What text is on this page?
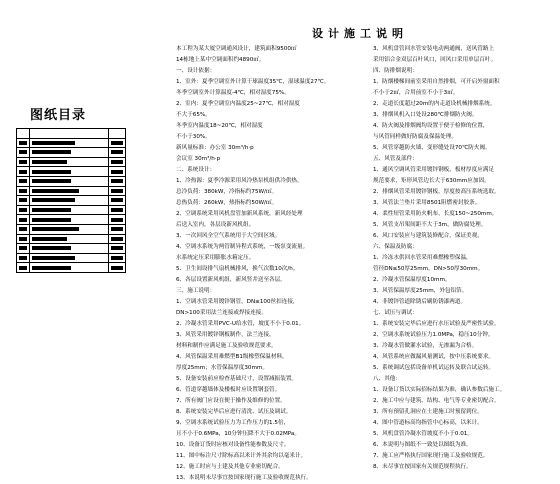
设计施工说明
图纸目录

本工程为某大厦空调通风设计，建筑面积9500㎡
14栋地上某中空调面积约4890㎡。
一、设计依据：
1、室外：夏季空调室外计算干球温度35℃，湿球温度27℃。
冬季空调室外计算温度-4℃，相对湿度75%。
2、室内：夏季空调室内温度25~27℃，相对湿度
不大于65%。
冬季室内温度18~20℃，相对湿度
不小于30%。
新风量标准：办公室 30m³/h·p
会议室 30m³/h·p
二、系统设计：
1、冷热源：夏季冷源采用风冷热泵机组供冷供热。
总冷负荷：380kW，冷指标约75W/㎡。
总热负荷：260kW，热指标约50W/㎡。
2、空调系统采用风机盘管加新风系统，新风经处理
后送入室内，各层设新风机组。
3、一次回风全空气系统用于大空间区域。
4、空调水系统为两管制异程式系统，一级泵变流量。
水系统定压采用膨胀水箱定压。
5、卫生间设排气扇机械排风，换气次数10次/h。
6、各层设置新风机组，新风竖井送至各层。
三、施工说明：
1、空调水管采用镀锌钢管，DN≤100丝扣连接，
DN>100采用法兰连接或焊接连接。
2、冷凝水管采用PVC-U给水管，坡度不小于0.01。
3、风管采用镀锌钢板制作，法兰连接，
材料和制作应满足施工及验收规范要求。
4、风管保温采用难燃型B1级橡塑保温材料，
厚度25mm；水管保温厚度30mm。
5、设备安装前应检查基础尺寸，设置减振装置。
6、管道穿越墙体及楼板时应设置钢套管。
7、所有阀门应设在便于操作及维修的位置。
8、系统安装完毕后应进行清洗、试压及调试。
9、空调水系统试验压力为工作压力的1.5倍，
且不小于0.6MPa，10分钟压降不大于0.02MPa。
10、设备订货时应核对设备性能参数及尺寸。
11、图中标注尺寸除标高以米计外其余均以毫米计。
12、施工时应与土建及其他专业密切配合。
13、本说明未尽事宜按国家现行施工及验收规范执行。
3、风机盘管回水管安装电动两通阀，送风管路上
采用铝合金双层百叶风口，回风口采用单层百叶。
四、防排烟说明：
1、防烟楼梯间前室采用自然排烟，可开启外窗面积
不小于2㎡，合用前室不小于3㎡。
2、走道长度超过20m的内走道设机械排烟系统。
3、排烟风机入口处设280℃排烟防火阀。
4、防火阀及排烟阀均设置于便于检修的位置，
与风管同样做好防腐及保温处理。
5、风管穿越防火墙、变形缝处设70℃防火阀。
五、风管及部件：
1、通风空调风管采用镀锌钢板，板材厚度应满足
规范要求，矩形风管边长大于630mm应加固。
2、排烟风管采用镀锌钢板，厚度按高压系统选取。
3、风管法兰垫片采用8501阻燃密封胶条。
4、柔性短管采用防火帆布，长度150~250mm。
5、风管支吊架间距不大于3m，做防腐处理。
6、风口安装应与建筑装修配合，保证美观。
六、保温及防腐：
1、冷冻水供回水管采用难燃橡塑保温，
管径DN≤50厚25mm，DN>50厚30mm。
2、冷凝水管保温厚度10mm。
3、风管保温厚度25mm，外包铝箔。
4、非镀锌管道除锈后刷防锈漆两道。
七、试压与调试：
1、系统安装完毕后应进行水压试验及严密性试验。
2、空调水系统试验压力1.0MPa，稳压10分钟。
3、冷凝水管做灌水试验，无渗漏为合格。
4、风管系统应做漏风量测试，按中压系统要求。
5、系统调试包括设备单机试运转及联合试运转。
八、其他：
1、设备订货以实际招标结果为准，确认参数后施工。
2、施工中应与建筑、结构、电气等专业密切配合。
3、所有预留孔洞应在土建施工时预留到位。
4、图中管道标高均指管中心标高，以米计。
5、风机盘管冷凝水管坡度不小于0.01。
6、本说明与图纸不一致处以图纸为准。
7、施工应严格执行国家现行施工及验收规范。
8、未尽事宜按国家有关规范规程执行。
